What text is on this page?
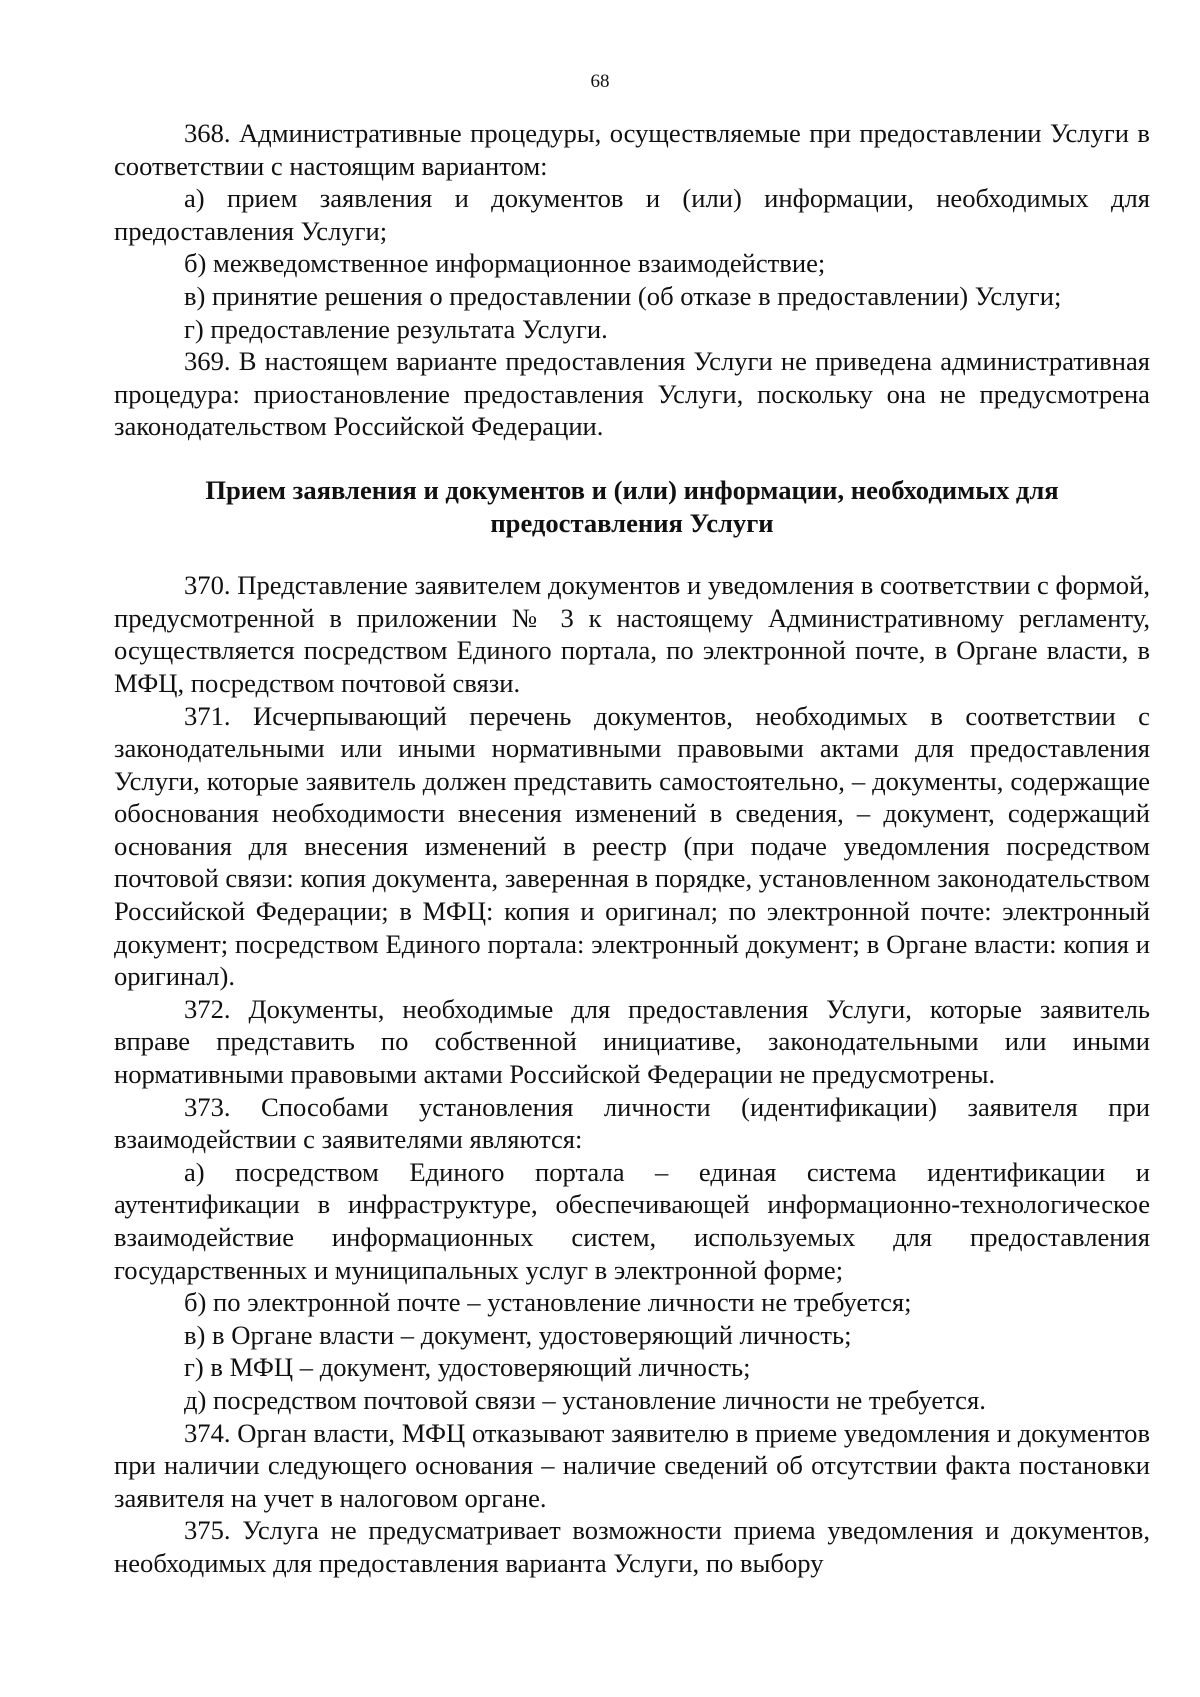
68

368. Административные процедуры, осуществляемые при предоставлении Услуги в соответствии с настоящим вариантом:

а) прием заявления и документов и (или) информации, необходимых для предоставления Услуги;

б) межведомственное информационное взаимодействие;

в) принятие решения о предоставлении (об отказе в предоставлении) Услуги;

г) предоставление результата Услуги.

369. В настоящем варианте предоставления Услуги не приведена административная процедура: приостановление предоставления Услуги, поскольку она не предусмотрена законодательством Российской Федерации.

Прием заявления и документов и (или) информации, необходимых для предоставления Услуги

370. Представление заявителем документов и уведомления в соответствии с формой, предусмотренной в приложении № 3 к настоящему Административному регламенту, осуществляется посредством Единого портала, по электронной почте, в Органе власти, в МФЦ, посредством почтовой связи.

371. Исчерпывающий перечень документов, необходимых в соответствии с законодательными или иными нормативными правовыми актами для предоставления Услуги, которые заявитель должен представить самостоятельно, – документы, содержащие обоснования необходимости внесения изменений в сведения, – документ, содержащий основания для внесения изменений в реестр (при подаче уведомления посредством почтовой связи: копия документа, заверенная в порядке, установленном законодательством Российской Федерации; в МФЦ: копия и оригинал; по электронной почте: электронный документ; посредством Единого портала: электронный документ; в Органе власти: копия и оригинал).

372. Документы, необходимые для предоставления Услуги, которые заявитель вправе представить по собственной инициативе, законодательными или иными нормативными правовыми актами Российской Федерации не предусмотрены.

373. Способами установления личности (идентификации) заявителя при взаимодействии с заявителями являются:

а) посредством Единого портала – единая система идентификации и аутентификации в инфраструктуре, обеспечивающей информационно-технологическое взаимодействие информационных систем, используемых для предоставления государственных и муниципальных услуг в электронной форме;

б) по электронной почте – установление личности не требуется;

в) в Органе власти – документ, удостоверяющий личность;

г) в МФЦ – документ, удостоверяющий личность;

д) посредством почтовой связи – установление личности не требуется.

374. Орган власти, МФЦ отказывают заявителю в приеме уведомления и документов при наличии следующего основания – наличие сведений об отсутствии факта постановки заявителя на учет в налоговом органе.

375. Услуга не предусматривает возможности приема уведомления и документов, необходимых для предоставления варианта Услуги, по выбору
